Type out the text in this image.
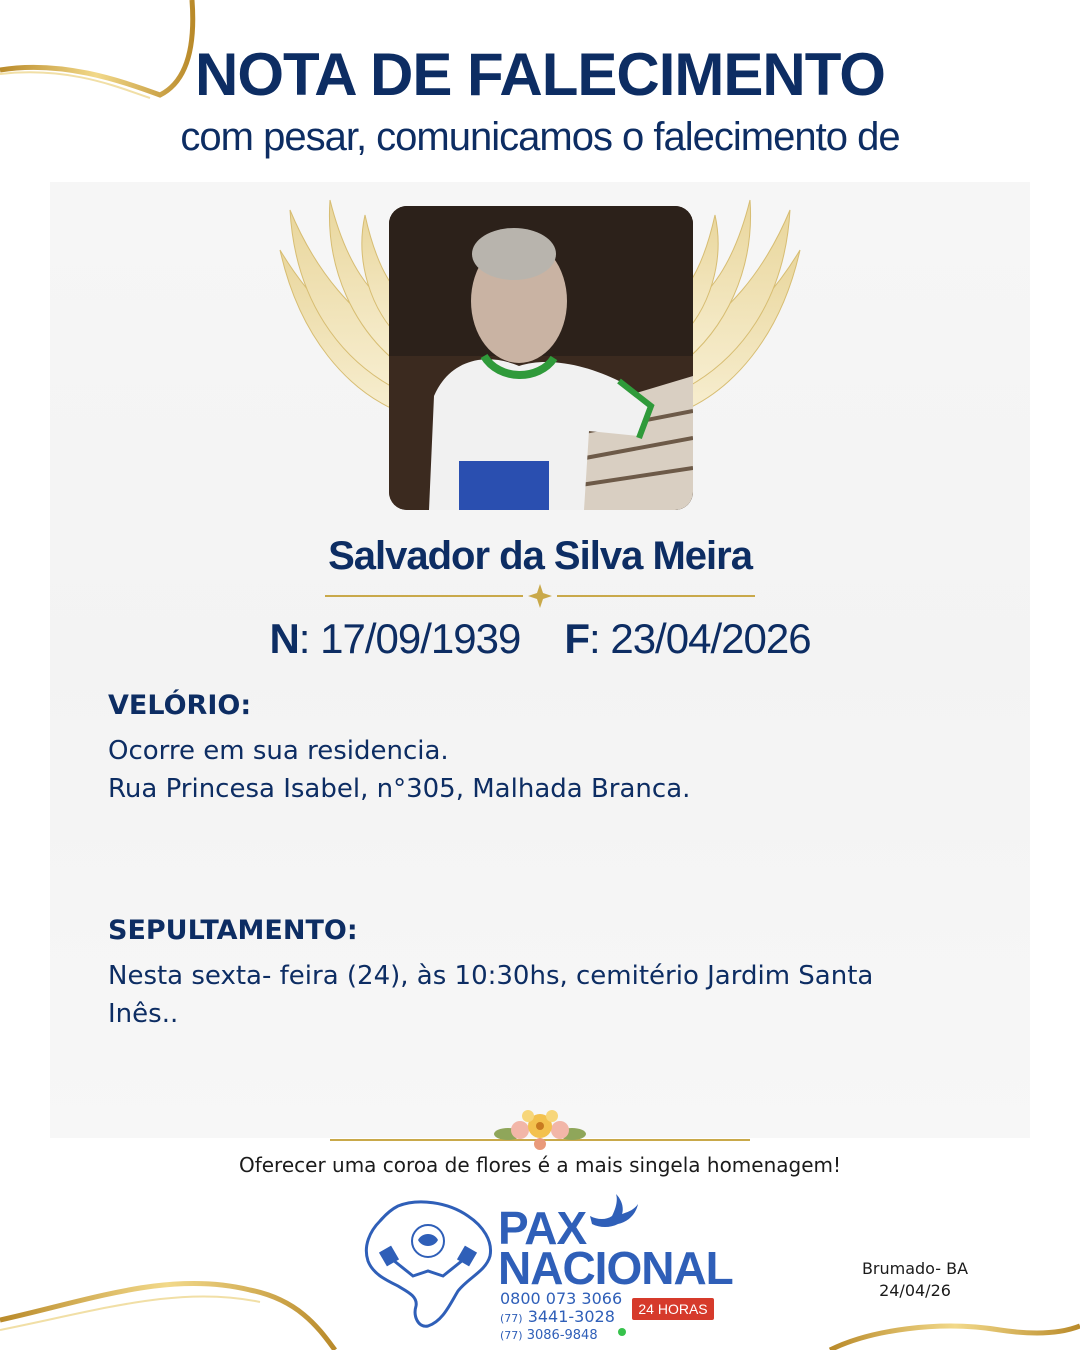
NOTA DE FALECIMENTO
com pesar, comunicamos o falecimento de
Salvador da Silva Meira
N: 17/09/1939 F: 23/04/2026
VELÓRIO:
Ocorre em sua residencia.
Rua Princesa Isabel, n°305, Malhada Branca.
SEPULTAMENTO:
Nesta sexta- feira (24), às 10:30hs, cemitério Jardim Santa
Inês..
Oferecer uma coroa de flores é a mais singela homenagem!
PAX
NACIONAL
0800 073 3066
(77) 3441-3028
(77) 3086-9848
24 HORAS
Brumado- BA
24/04/26
